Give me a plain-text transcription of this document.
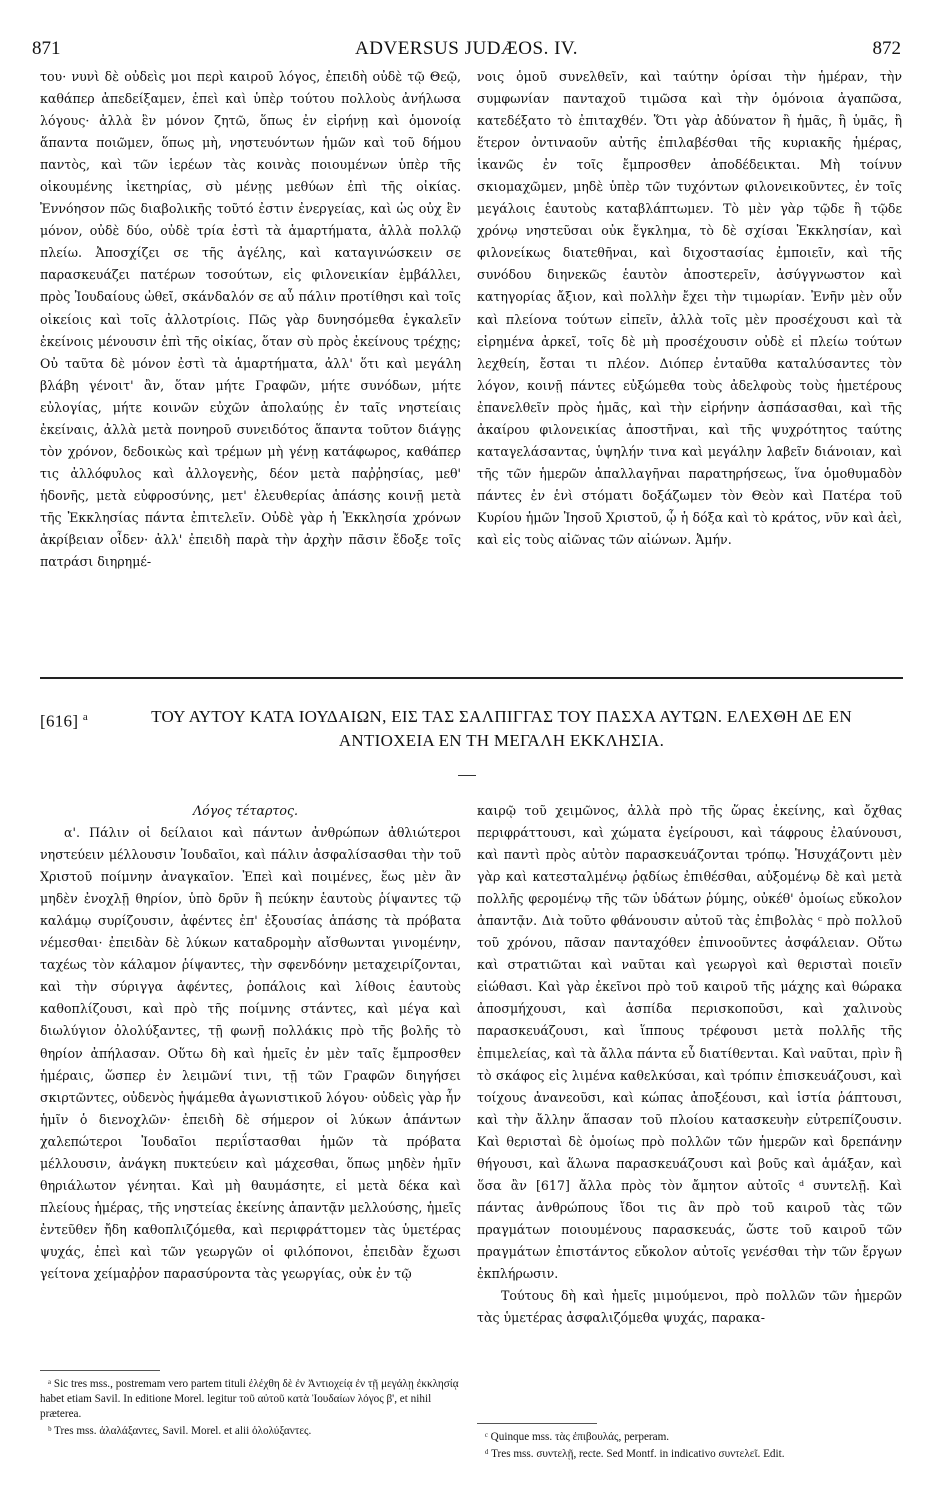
871	ADVERSUS JUDÆOS. IV.	872

του· νυνὶ δὲ οὐδεὶς μοι περὶ καιροῦ λόγος, ἐπειδὴ οὐδὲ τῷ Θεῷ, καθάπερ ἀπεδείξαμεν, ἐπεὶ καὶ ὑπὲρ τούτου πολλοὺς ἀνήλωσα λόγους· ἀλλὰ ἓν μόνον ζητῶ, ὅπως ἐν εἰρήνῃ καὶ ὁμονοίᾳ ἅπαντα ποιῶμεν, ὅπως μὴ, νηστευόντων ἡμῶν καὶ τοῦ δήμου παντὸς, καὶ τῶν ἱερέων τὰς κοινὰς ποιουμένων ὑπὲρ τῆς οἰκουμένης ἱκετηρίας, σὺ μένῃς μεθύων ἐπὶ τῆς οἰκίας. Ἐννόησον πῶς διαβολικῆς τοῦτό ἐστιν ἐνεργείας, καὶ ὡς οὐχ ἓν μόνον, οὐδὲ δύο, οὐδὲ τρία ἐστὶ τὰ ἁμαρτήματα, ἀλλὰ πολλῷ πλείω. Ἀποσχίζει σε τῆς ἀγέλης, καὶ καταγινώσκειν σε παρασκευάζει πατέρων τοσούτων, εἰς φιλονεικίαν ἐμβάλλει, πρὸς Ἰουδαίους ὠθεῖ, σκάνδαλόν σε αὖ πάλιν προτίθησι καὶ τοῖς οἰκείοις καὶ τοῖς ἀλλοτρίοις. Πῶς γὰρ δυνησόμεθα ἐγκαλεῖν ἐκείνοις μένουσιν ἐπὶ τῆς οἰκίας, ὅταν σὺ πρὸς ἐκείνους τρέχῃς; Οὐ ταῦτα δὲ μόνον ἐστὶ τὰ ἁμαρτήματα, ἀλλ' ὅτι καὶ μεγάλη βλάβη γένοιτ' ἂν, ὅταν μήτε Γραφῶν, μήτε συνόδων, μήτε εὐλογίας, μήτε κοινῶν εὐχῶν ἀπολαύῃς ἐν ταῖς νηστείαις ἐκείναις, ἀλλὰ μετὰ πονηροῦ συνειδότος ἅπαντα τοῦτον διάγῃς τὸν χρόνον, δεδοικὼς καὶ τρέμων μὴ γένῃ κατάφωρος, καθάπερ τις ἀλλόφυλος καὶ ἀλλογενὴς, δέον μετὰ παῤῥησίας, μεθ' ἡδονῆς, μετὰ εὐφροσύνης, μετ' ἐλευθερίας ἁπάσης κοινῇ μετὰ τῆς Ἐκκλησίας πάντα ἐπιτελεῖν. Οὐδὲ γὰρ ἡ Ἐκκλησία χρόνων ἀκρίβειαν οἶδεν· ἀλλ' ἐπειδὴ παρὰ τὴν ἀρχὴν πᾶσιν ἔδοξε τοῖς πατράσι διηρημέ-

νοις ὁμοῦ συνελθεῖν, καὶ ταύτην ὁρίσαι τὴν ἡμέραν, τὴν συμφωνίαν πανταχοῦ τιμῶσα καὶ τὴν ὁμόνοια ἀγαπῶσα, κατεδέξατο τὸ ἐπιταχθέν. Ὅτι γὰρ ἀδύνατον ἢ ἡμᾶς, ἢ ὑμᾶς, ἢ ἕτερον ὀντιναοῦν αὐτῆς ἐπιλαβέσθαι τῆς κυριακῆς ἡμέρας, ἱκανῶς ἐν τοῖς ἔμπροσθεν ἀποδέδεικται. Μὴ τοίνυν σκιομαχῶμεν, μηδὲ ὑπὲρ τῶν τυχόντων φιλονεικοῦντες, ἐν τοῖς μεγάλοις ἑαυτοὺς καταβλάπτωμεν. Τὸ μὲν γὰρ τῷδε ἢ τῷδε χρόνῳ νηστεῦσαι οὐκ ἔγκλημα, τὸ δὲ σχίσαι Ἐκκλησίαν, καὶ φιλονείκως διατεθῆναι, καὶ διχοστασίας ἐμποιεῖν, καὶ τῆς συνόδου διηνεκῶς ἑαυτὸν ἀποστερεῖν, ἀσύγγνωστον καὶ κατηγορίας ἄξιον, καὶ πολλὴν ἔχει τὴν τιμωρίαν. Ἐνῆν μὲν οὖν καὶ πλείονα τούτων εἰπεῖν, ἀλλὰ τοῖς μὲν προσέχουσι καὶ τὰ εἰρημένα ἀρκεῖ, τοῖς δὲ μὴ προσέχουσιν οὐδὲ εἰ πλείω τούτων λεχθείη, ἔσται τι πλέον. Διόπερ ἐνταῦθα καταλύσαντες τὸν λόγον, κοινῇ πάντες εὐξώμεθα τοὺς ἀδελφοὺς τοὺς ἡμετέρους ἐπανελθεῖν πρὸς ἡμᾶς, καὶ τὴν εἰρήνην ἀσπάσασθαι, καὶ τῆς ἀκαίρου φιλονεικίας ἀποστῆναι, καὶ τῆς ψυχρότητος ταύτης καταγελάσαντας, ὑψηλήν τινα καὶ μεγάλην λαβεῖν διάνοιαν, καὶ τῆς τῶν ἡμερῶν ἀπαλλαγῆναι παρατηρήσεως, ἵνα ὁμοθυμαδὸν πάντες ἐν ἑνὶ στόματι δοξάζωμεν τὸν Θεὸν καὶ Πατέρα τοῦ Κυρίου ἡμῶν Ἰησοῦ Χριστοῦ, ᾧ ἡ δόξα καὶ τὸ κράτος, νῦν καὶ ἀεὶ, καὶ εἰς τοὺς αἰῶνας τῶν αἰώνων. Ἀμήν.

[616] $^a$	ΤΟΥ ΑΥΤΟΥ ΚΑΤΑ ΙΟΥΔΑΙΩΝ, ΕΙΣ ΤΑΣ ΣΑΛΠΙΓΓΑΣ ΤΟΥ ΠΑΣΧΑ ΑΥΤΩΝ. ΕΛΕΧΘΗ ΔΕ ΕΝ ΑΝΤΙΟΧΕΙΑ ΕΝ ΤΗ ΜΕΓΑΛΗ ΕΚΚΛΗΣΙΑ.
Λόγος τέταρτος.

α'. Πάλιν οἱ δείλαιοι καὶ πάντων ἀνθρώπων ἀθλιώτεροι νηστεύειν μέλλουσιν Ἰουδαῖοι, καὶ πάλιν ἀσφαλίσασθαι τὴν τοῦ Χριστοῦ ποίμνην ἀναγκαῖον. Ἐπεὶ καὶ ποιμένες, ἕως μὲν ἂν μηδὲν ἐνοχλῇ θηρίον, ὑπὸ δρῦν ἢ πεύκην ἑαυτοὺς ῥίψαντες τῷ καλάμῳ συρίζουσιν, ἀφέντες ἐπ' ἐξουσίας ἁπάσης τὰ πρόβατα νέμεσθαι· ἐπειδὰν δὲ λύκων καταδρομὴν αἴσθωνται γινομένην, ταχέως τὸν κάλαμον ῥίψαντες, τὴν σφενδόνην μεταχειρίζονται, καὶ τὴν σύριγγα ἀφέντες, ῥοπάλοις καὶ λίθοις ἑαυτοὺς καθοπλίζουσι, καὶ πρὸ τῆς ποίμνης στάντες, καὶ μέγα καὶ διωλύγιον ὀλολύξαντες, τῇ φωνῇ πολλάκις πρὸ τῆς βολῆς τὸ θηρίον ἀπήλασαν. Οὕτω δὴ καὶ ἡμεῖς ἐν μὲν ταῖς ἔμπροσθεν ἡμέραις, ὥσπερ ἐν λειμῶνί τινι, τῇ τῶν Γραφῶν διηγήσει σκιρτῶντες, οὐδενὸς ἡψάμεθα ἀγωνιστικοῦ λόγου· οὐδεὶς γὰρ ἦν ἡμῖν ὁ διενοχλῶν· ἐπειδὴ δὲ σήμερον οἱ λύκων ἁπάντων χαλεπώτεροι Ἰουδαῖοι περιΐστασθαι ἡμῶν τὰ πρόβατα μέλλουσιν, ἀνάγκη πυκτεύειν καὶ μάχεσθαι, ὅπως μηδὲν ἡμῖν θηριάλωτον γένηται. Καὶ μὴ θαυμάσητε, εἰ μετὰ δέκα καὶ πλείους ἡμέρας, τῆς νηστείας ἐκείνης ἀπαντᾷν μελλούσης, ἡμεῖς ἐντεῦθεν ἤδη καθοπλιζόμεθα, καὶ περιφράττομεν τὰς ὑμετέρας ψυχάς, ἐπεὶ καὶ τῶν γεωργῶν οἱ φιλόπονοι, ἐπειδὰν ἔχωσι γείτονα χείμαῤῥον παρασύροντα τὰς γεωργίας, οὐκ ἐν τῷ

καιρῷ τοῦ χειμῶνος, ἀλλὰ πρὸ τῆς ὥρας ἐκείνης, καὶ ὄχθας περιφράττουσι, καὶ χώματα ἐγείρουσι, καὶ τάφρους ἐλαύνουσι, καὶ παντὶ πρὸς αὐτὸν παρασκευάζονται τρόπῳ. Ἡσυχάζοντι μὲν γὰρ καὶ κατεσταλμένῳ ῥᾳδίως ἐπιθέσθαι, αὐξομένῳ δὲ καὶ μετὰ πολλῆς φερομένῳ τῆς τῶν ὑδάτων ῥύμης, οὐκέθ' ὁμοίως εὔκολον ἀπαντᾷν. Διὰ τοῦτο φθάνουσιν αὐτοῦ τὰς ἐπιβολὰς ᶜ πρὸ πολλοῦ τοῦ χρόνου, πᾶσαν πανταχόθεν ἐπινοοῦντες ἀσφάλειαν. Οὕτω καὶ στρατιῶται καὶ ναῦται καὶ γεωργοὶ καὶ θερισταὶ ποιεῖν εἰώθασι. Καὶ γὰρ ἐκεῖνοι πρὸ τοῦ καιροῦ τῆς μάχης καὶ θώρακα ἀποσμήχουσι, καὶ ἀσπίδα περισκοποῦσι, καὶ χαλινοὺς παρασκευάζουσι, καὶ ἵππους τρέφουσι μετὰ πολλῆς τῆς ἐπιμελείας, καὶ τὰ ἄλλα πάντα εὖ διατίθενται. Καὶ ναῦται, πρὶν ἢ τὸ σκάφος εἰς λιμένα καθελκύσαι, καὶ τρόπιν ἐπισκευάζουσι, καὶ τοίχους ἀνανεοῦσι, καὶ κώπας ἀποξέουσι, καὶ ἱστία ῥάπτουσι, καὶ τὴν ἄλλην ἅπασαν τοῦ πλοίου κατασκευὴν εὐτρεπίζουσιν. Καὶ θερισταὶ δὲ ὁμοίως πρὸ πολλῶν τῶν ἡμερῶν καὶ δρεπάνην θήγουσι, καὶ ἅλωνα παρασκευάζουσι καὶ βοῦς καὶ ἁμάξαν, καὶ ὅσα ἂν [617] ἄλλα πρὸς τὸν ἄμητον αὐτοῖς ᵈ συντελῇ. Καὶ πάντας ἀνθρώπους ἴδοι τις ἂν πρὸ τοῦ καιροῦ τὰς τῶν πραγμάτων ποιουμένους παρασκευάς, ὥστε τοῦ καιροῦ τῶν πραγμάτων ἐπιστάντος εὔκολον αὐτοῖς γενέσθαι τὴν τῶν ἔργων ἐκπλήρωσιν.

Τούτους δὴ καὶ ἡμεῖς μιμούμενοι, πρὸ πολλῶν τῶν ἡμερῶν τὰς ὑμετέρας ἀσφαλιζόμεθα ψυχάς, παρακα-

ᵃ Sic tres mss., postremam vero partem tituli ἐλέχθη δὲ ἐν Ἀντιοχείᾳ ἐν τῇ μεγάλῃ ἐκκλησίᾳ habet etiam Savil. In editione Morel. legitur τοῦ αὐτοῦ κατὰ Ἰουδαίων λόγος β', et nihil præterea.

ᵇ Tres mss. ἀλαλάξαντες, Savil. Morel. et alii ὀλολύξαντες.	ᶜ Quinque mss. τὰς ἐπιβουλάς, perperam.

ᵈ Tres mss. συντελῇ, recte. Sed Montf. in indicativo συντελεῖ. Edit.
